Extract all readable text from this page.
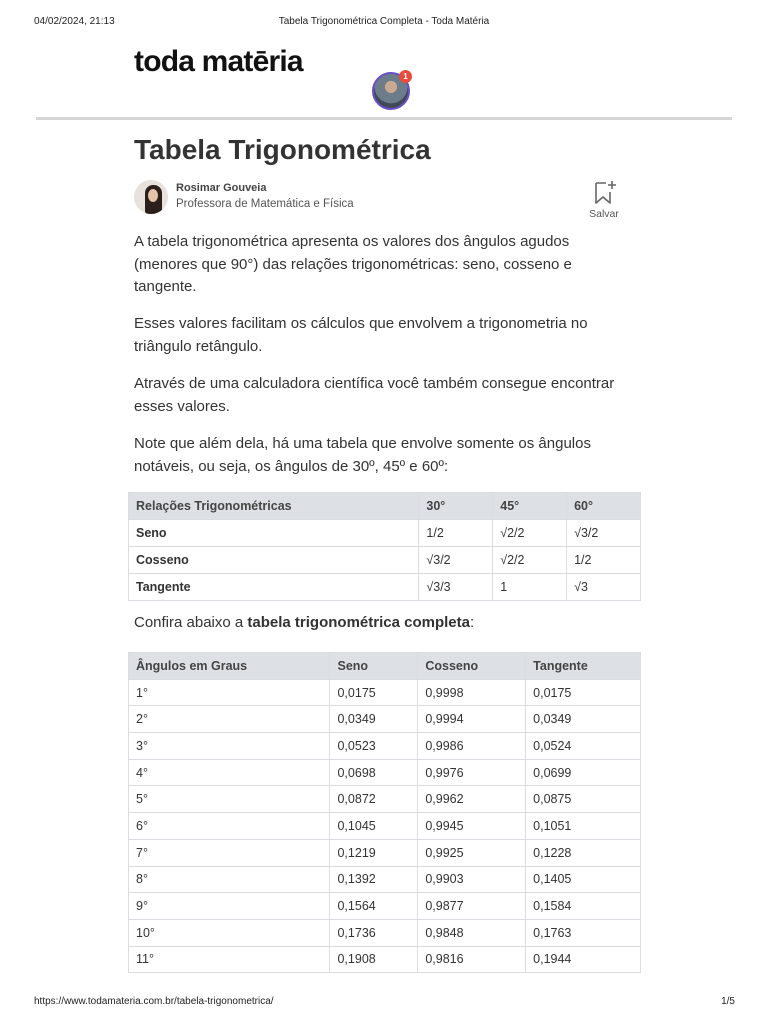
04/02/2024, 21:13	Tabela Trigonométrica Completa - Toda Matéria
toda matēria	1
Tabela Trigonométrica
Rosimar Gouveia
Professora de Matemática e Física
Salvar

A tabela trigonométrica apresenta os valores dos ângulos agudos (menores que 90°) das relações trigonométricas: seno, cosseno e tangente.

Esses valores facilitam os cálculos que envolvem a trigonometria no triângulo retângulo.

Através de uma calculadora científica você também consegue encontrar esses valores.

Note que além dela, há uma tabela que envolve somente os ângulos notáveis, ou seja, os ângulos de 30º, 45º e 60º:

Relações Trigonométricas	30°	45°	60°
Seno	1/2	√2/2	√3/2
Cosseno	√3/2	√2/2	1/2
Tangente	√3/3	1	√3
Confira abaixo a tabela trigonométrica completa:
Ângulos em Graus	Seno	Cosseno	Tangente
1°	0,0175	0,9998	0,0175
2°	0,0349	0,9994	0,0349
3°	0,0523	0,9986	0,0524
4°	0,0698	0,9976	0,0699
5°	0,0872	0,9962	0,0875
6°	0,1045	0,9945	0,1051
7°	0,1219	0,9925	0,1228
8°	0,1392	0,9903	0,1405
9°	0,1564	0,9877	0,1584
10°	0,1736	0,9848	0,1763
11°	0,1908	0,9816	0,1944
https://www.todamateria.com.br/tabela-trigonometrica/	1/5
